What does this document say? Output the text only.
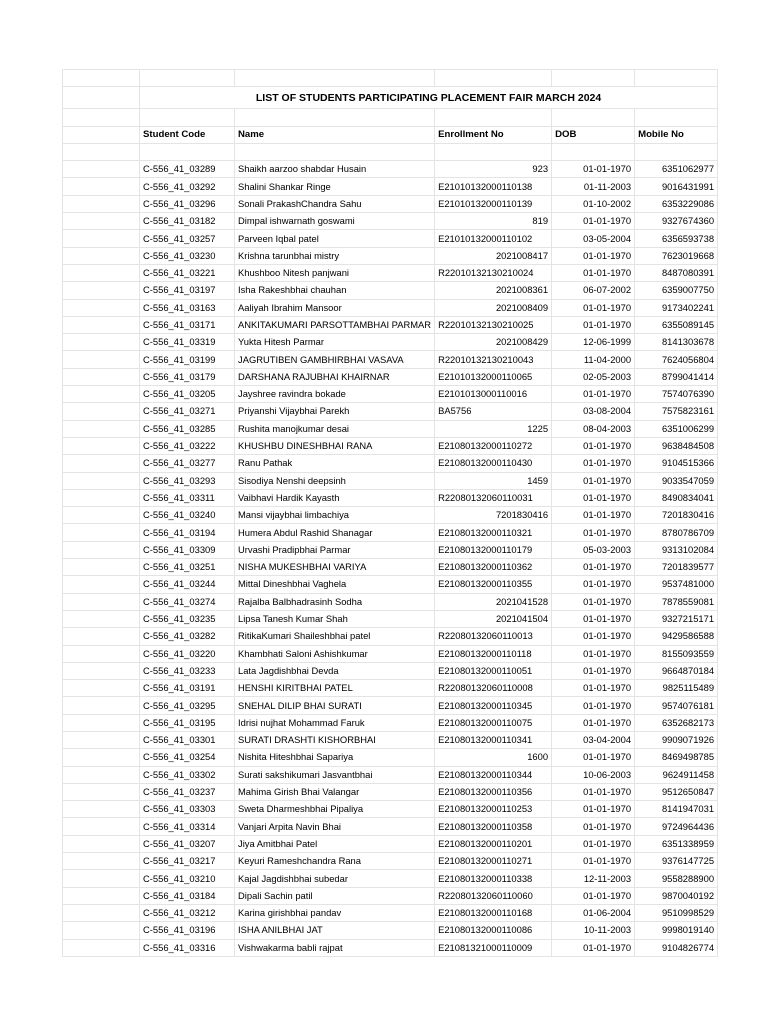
	LIST OF STUDENTS PARTICIPATING PLACEMENT FAIR MARCH 2024				

	Student Code	Name	Enrollment No	DOB	Mobile No

	C-556_41_03289	Shaikh aarzoo shabdar Husain	923	01-01-1970	6351062977
	C-556_41_03292	Shalini Shankar Ringe	E21010132000110138	01-11-2003	9016431991
	C-556_41_03296	Sonali PrakashChandra Sahu	E21010132000110139	01-10-2002	6353229086
	C-556_41_03182	Dimpal ishwarnath goswami	819	01-01-1970	9327674360
	C-556_41_03257	Parveen Iqbal patel	E21010132000110102	03-05-2004	6356593738
	C-556_41_03230	Krishna tarunbhai mistry	2021008417	01-01-1970	7623019668
	C-556_41_03221	Khushboo Nitesh panjwani	R22010132130210024	01-01-1970	8487080391
	C-556_41_03197	Isha Rakeshbhai chauhan	2021008361	06-07-2002	6359007750
	C-556_41_03163	Aaliyah Ibrahim Mansoor	2021008409	01-01-1970	9173402241
	C-556_41_03171	ANKITAKUMARI PARSOTTAMBHAI PARMAR	R22010132130210025	01-01-1970	6355089145
	C-556_41_03319	Yukta Hitesh Parmar	2021008429	12-06-1999	8141303678
	C-556_41_03199	JAGRUTIBEN GAMBHIRBHAI VASAVA	R22010132130210043	11-04-2000	7624056804
	C-556_41_03179	DARSHANA RAJUBHAI KHAIRNAR	E21010132000110065	02-05-2003	8799041414
	C-556_41_03205	Jayshree ravindra bokade	E2101013000110016	01-01-1970	7574076390
	C-556_41_03271	Priyanshi Vijaybhai Parekh	BA5756	03-08-2004	7575823161
	C-556_41_03285	Rushita manojkumar desai	1225	08-04-2003	6351006299
	C-556_41_03222	KHUSHBU DINESHBHAI RANA	E21080132000110272	01-01-1970	9638484508
	C-556_41_03277	Ranu Pathak	E21080132000110430	01-01-1970	9104515366
	C-556_41_03293	Sisodiya Nenshi deepsinh	1459	01-01-1970	9033547059
	C-556_41_03311	Vaibhavi Hardik Kayasth	R22080132060110031	01-01-1970	8490834041
	C-556_41_03240	Mansi vijaybhai limbachiya	7201830416	01-01-1970	7201830416
	C-556_41_03194	Humera Abdul Rashid Shanagar	E21080132000110321	01-01-1970	8780786709
	C-556_41_03309	Urvashi Pradipbhai Parmar	E21080132000110179	05-03-2003	9313102084
	C-556_41_03251	NISHA MUKESHBHAI VARIYA	E21080132000110362	01-01-1970	7201839577
	C-556_41_03244	Mittal Dineshbhai Vaghela	E21080132000110355	01-01-1970	9537481000
	C-556_41_03274	Rajalba Balbhadrasinh Sodha	2021041528	01-01-1970	7878559081
	C-556_41_03235	Lipsa Tanesh Kumar Shah	2021041504	01-01-1970	9327215171
	C-556_41_03282	RitikaKumari Shaileshbhai patel	R22080132060110013	01-01-1970	9429586588
	C-556_41_03220	Khambhati Saloni Ashishkumar	E21080132000110118	01-01-1970	8155093559
	C-556_41_03233	Lata Jagdishbhai Devda	E21080132000110051	01-01-1970	9664870184
	C-556_41_03191	HENSHI KIRITBHAI PATEL	R22080132060110008	01-01-1970	9825115489
	C-556_41_03295	SNEHAL DILIP BHAI SURATI	E21080132000110345	01-01-1970	9574076181
	C-556_41_03195	Idrisi nujhat Mohammad Faruk	E21080132000110075	01-01-1970	6352682173
	C-556_41_03301	SURATI DRASHTI KISHORBHAI	E21080132000110341	03-04-2004	9909071926
	C-556_41_03254	Nishita Hiteshbhai Sapariya	1600	01-01-1970	8469498785
	C-556_41_03302	Surati sakshikumari Jasvantbhai	E21080132000110344	10-06-2003	9624911458
	C-556_41_03237	Mahima Girish Bhai Valangar	E21080132000110356	01-01-1970	9512650847
	C-556_41_03303	Sweta Dharmeshbhai Pipaliya	E21080132000110253	01-01-1970	8141947031
	C-556_41_03314	Vanjari Arpita Navin Bhai	E21080132000110358	01-01-1970	9724964436
	C-556_41_03207	Jiya Amitbhai Patel	E21080132000110201	01-01-1970	6351338959
	C-556_41_03217	Keyuri Rameshchandra Rana	E21080132000110271	01-01-1970	9376147725
	C-556_41_03210	Kajal Jagdishbhai subedar	E21080132000110338	12-11-2003	9558288900
	C-556_41_03184	Dipali Sachin patil	R22080132060110060	01-01-1970	9870040192
	C-556_41_03212	Karina girishbhai pandav	E21080132000110168	01-06-2004	9510998529
	C-556_41_03196	ISHA ANILBHAI JAT	E21080132000110086	10-11-2003	9998019140
	C-556_41_03316	Vishwakarma babli rajpat	E21081321000110009	01-01-1970	9104826774
